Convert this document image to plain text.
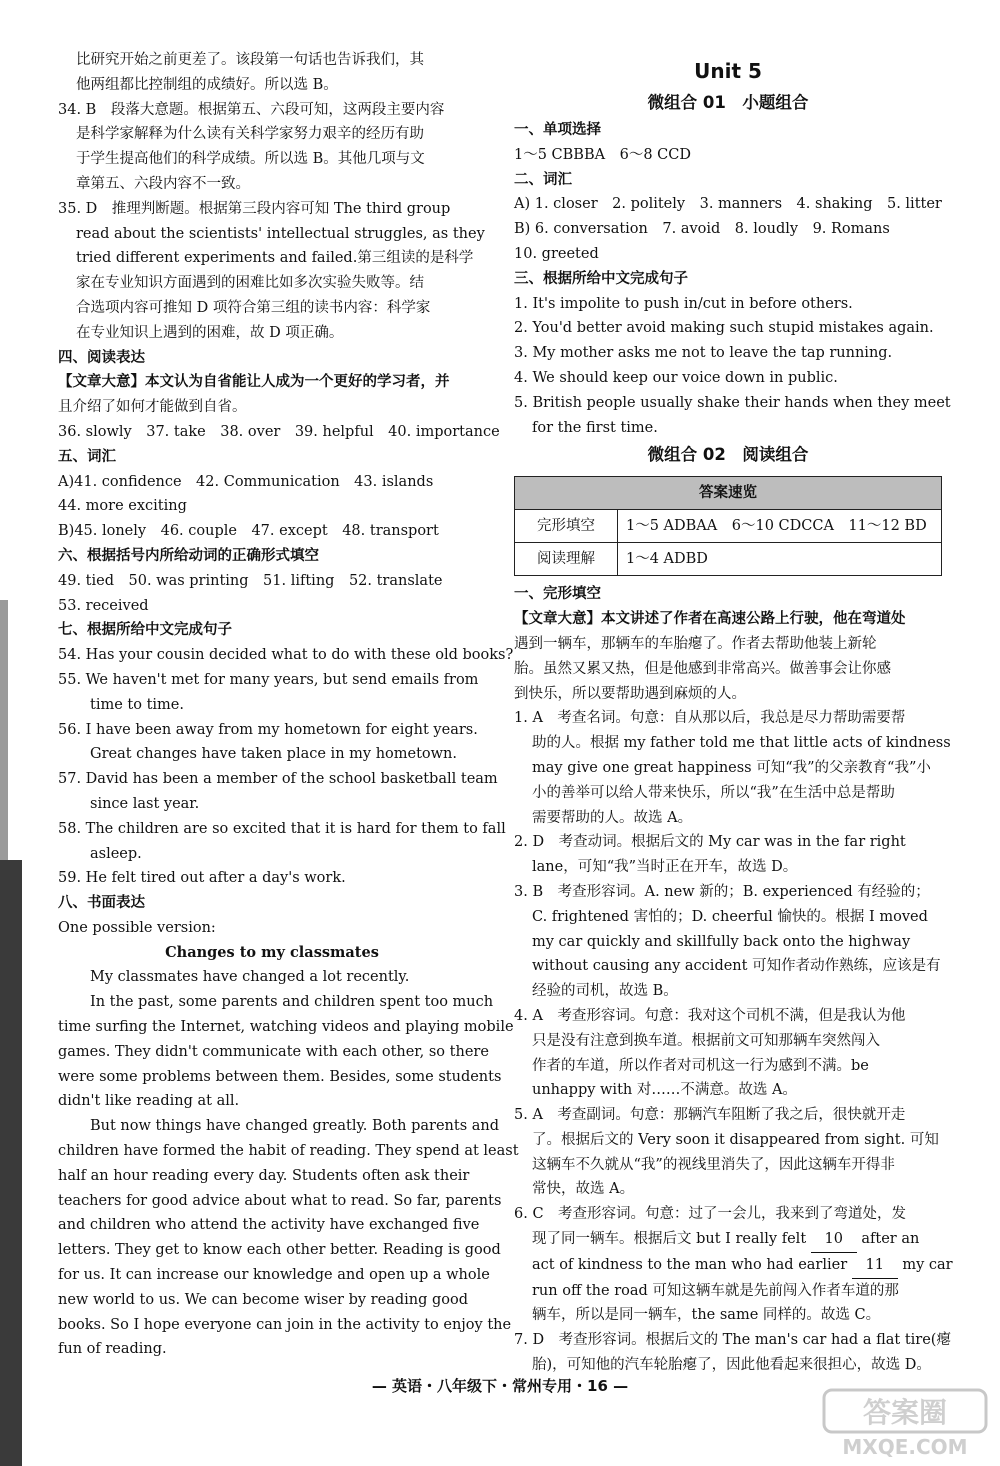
比研究开始之前更差了。该段第一句话也告诉我们，其
他两组都比控制组的成绩好。所以选 B。
34. B　段落大意题。根据第五、六段可知，这两段主要内容
是科学家解释为什么读有关科学家努力艰辛的经历有助
于学生提高他们的科学成绩。所以选 B。其他几项与文
章第五、六段内容不一致。
35. D　推理判断题。根据第三段内容可知 The third group
read about the scientists' intellectual struggles, as they
tried different experiments and failed.第三组读的是科学
家在专业知识方面遇到的困难比如多次实验失败等。结
合选项内容可推知 D 项符合第三组的读书内容：科学家
在专业知识上遇到的困难，故 D 项正确。
四、阅读表达
【文章大意】本文认为自省能让人成为一个更好的学习者，并
且介绍了如何才能做到自省。
36. slowly　37. take　38. over　39. helpful　40. importance
五、词汇
A)41. confidence　42. Communication　43. islands
44. more exciting
B)45. lonely　46. couple　47. except　48. transport
六、根据括号内所给动词的正确形式填空
49. tied　50. was printing　51. lifting　52. translate
53. received
七、根据所给中文完成句子
54. Has your cousin decided what to do with these old books?
55. We haven't met for many years, but send emails from
time to time.
56. I have been away from my hometown for eight years.
Great changes have taken place in my hometown.
57. David has been a member of the school basketball team
since last year.
58. The children are so excited that it is hard for them to fall
asleep.
59. He felt tired out after a day's work.
八、书面表达
One possible version:
Changes to my classmates
My classmates have changed a lot recently.
In the past, some parents and children spent too much
time surfing the Internet, watching videos and playing mobile
games. They didn't communicate with each other, so there
were some problems between them. Besides, some students
didn't like reading at all.
But now things have changed greatly. Both parents and
children have formed the habit of reading. They spend at least
half an hour reading every day. Students often ask their
teachers for good advice about what to read. So far, parents
and children who attend the activity have exchanged five
letters. They get to know each other better. Reading is good
for us. It can increase our knowledge and open up a whole
new world to us. We can become wiser by reading good
books. So I hope everyone can join in the activity to enjoy the
fun of reading.
Unit 5
微组合 01　小题组合
一、单项选择
1～5 CBBBA　6～8 CCD
二、词汇
A) 1. closer　2. politely　3. manners　4. shaking　5. litter
B) 6. conversation　7. avoid　8. loudly　9. Romans
10. greeted
三、根据所给中文完成句子
1. It's impolite to push in/cut in before others.
2. You'd better avoid making such stupid mistakes again.
3. My mother asks me not to leave the tap running.
4. We should keep our voice down in public.
5. British people usually shake their hands when they meet
for the first time.
微组合 02　阅读组合
答案速览	
完形填空	1～5 ADBAA　6～10 CDCCA　11～12 BD
阅读理解	1～4 ADBD
一、完形填空
【文章大意】本文讲述了作者在高速公路上行驶，他在弯道处
遇到一辆车，那辆车的车胎瘪了。作者去帮助他装上新轮
胎。虽然又累又热，但是他感到非常高兴。做善事会让你感
到快乐，所以要帮助遇到麻烦的人。
1. A　考查名词。句意：自从那以后，我总是尽力帮助需要帮
助的人。根据 my father told me that little acts of kindness
may give one great happiness 可知“我”的父亲教育“我”小
小的善举可以给人带来快乐，所以“我”在生活中总是帮助
需要帮助的人。故选 A。
2. D　考查动词。根据后文的 My car was in the far right
lane，可知“我”当时正在开车，故选 D。
3. B　考查形容词。A. new 新的；B. experienced 有经验的；
C. frightened 害怕的；D. cheerful 愉快的。根据 I moved
my car quickly and skillfully back onto the highway
without causing any accident 可知作者动作熟练，应该是有
经验的司机，故选 B。
4. A　考查形容词。句意：我对这个司机不满，但是我认为他
只是没有注意到换车道。根据前文可知那辆车突然闯入
作者的车道，所以作者对司机这一行为感到不满。be
unhappy with 对……不满意。故选 A。
5. A　考查副词。句意：那辆汽车阻断了我之后，很快就开走
了。根据后文的 Very soon it disappeared from sight. 可知
这辆车不久就从“我”的视线里消失了，因此这辆车开得非
常快，故选 A。
6. C　考查形容词。句意：过了一会儿，我来到了弯道处，发
现了同一辆车。根据后文 but I really felt 10 after an
act of kindness to the man who had earlier 11 my car
run off the road 可知这辆车就是先前闯入作者车道的那
辆车，所以是同一辆车，the same 同样的。故选 C。
7. D　考查形容词。根据后文的 The man's car had a flat tire(瘪
胎)，可知他的汽车轮胎瘪了，因此他看起来很担心，故选 D。
— 英语・八年级下・常州专用・16 —
答案圈
MXQE.COM
